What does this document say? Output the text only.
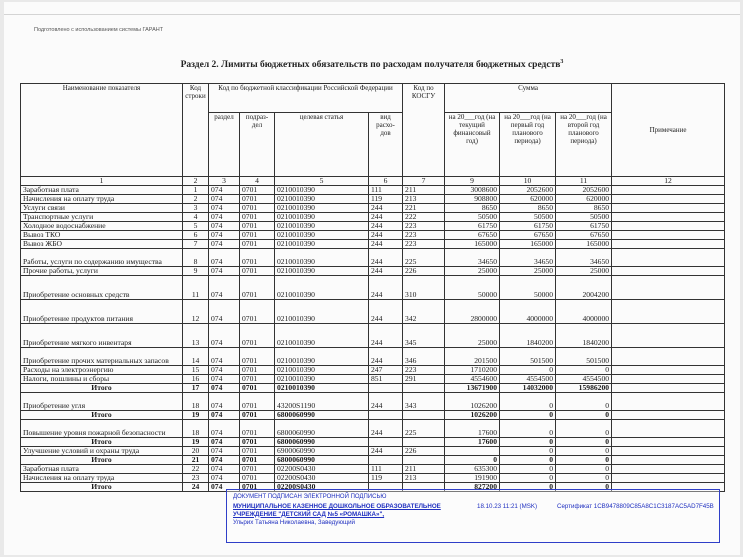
Подготовлено с использованием системы ГАРАНТ
Раздел 2. Лимиты бюджетных обязательств по расходам получателя бюджетных средств$^3$
Наименование показателя	Код строки	Код по бюджетной классификации Российской Федерации				Код по КОСГУ	Сумма			Примечание
		раздел	подраз-дел	целевая статья	вид расхо-дов		на 20___год (на текущий финансовый год)	на 20___год (на первый год планового периода)	на 20___год (на второй год планового периода)	
1	2	3	4	5	6	7	9	10	11	12
Заработная плата	1	074	0701	0210010390	111	211	3008600	2052600	2052600	
Начисления на оплату труда	2	074	0701	0210010390	119	213	908800	620000	620000	
Услуги связи	3	074	0701	0210010390	244	221	8650	8650	8650	
Транспортные услуги	4	074	0701	0210010390	244	222	50500	50500	50500	
Холодное водоснабжение	5	074	0701	0210010390	244	223	61750	61750	61750	
Вывоз ТКО	6	074	0701	0210010390	244	223	67650	67650	67650	
Вывоз ЖБО	7	074	0701	0210010390	244	223	165000	165000	165000	
Работы, услуги по содержанию имущества	8	074	0701	0210010390	244	225	34650	34650	34650	
Прочие работы, услуги	9	074	0701	0210010390	244	226	25000	25000	25000	
Приобретение основных средств	11	074	0701	0210010390	244	310	50000	50000	2004200	
Приобретение продуктов питания	12	074	0701	0210010390	244	342	2800000	4000000	4000000	
Приобретение мягкого инвентаря	13	074	0701	0210010390	244	345	25000	1840200	1840200	
Приобретение прочих материальных запасов	14	074	0701	0210010390	244	346	201500	501500	501500	
Расходы на электроэнергию	15	074	0701	0210010390	247	223	1710200	0	0	
Налоги, пошлины и сборы	16	074	0701	0210010390	851	291	4554600	4554500	4554500	
Итого	17	074	0701	0210010390			13671900	14032000	15986200	
Приобретение угля	18	074	0701	43200S1190	244	343	1026200	0	0	
Итого	19	074	0701	6800060990			1026200	0	0	
Повышение уровня пожарной безопасности	18	074	0701	6800060990	244	225	17600	0	0	
Итого	19	074	0701	6800060990			17600	0	0	
Улучшение условий и охраны труда	20	074	0701	6900060990	244	226		0	0	
Итого	21	074	0701	6800060990			0	0	0	
Заработная плата	22	074	0701	02200S0430	111	211	635300	0	0	
Начисления на оплату труда	23	074	0701	02200S0430	119	213	191900	0	0	
Итого	24	074	0701	02200S0430			827200	0	0	
ДОКУМЕНТ ПОДПИСАН ЭЛЕКТРОННОЙ ПОДПИСЬЮ
МУНИЦИПАЛЬНОЕ КАЗЕННОЕ ДОШКОЛЬНОЕ ОБРАЗОВАТЕЛЬНОЕ УЧРЕЖДЕНИЕ "ДЕТСКИЙ САД №5 «РОМАШКА»",
Ульрих Татьяна Николаевна, Заведующий
18.10.23 11:21 (MSK)	Сертификат 1CB9478809C85A8C1C3187AC5AD7F45B
